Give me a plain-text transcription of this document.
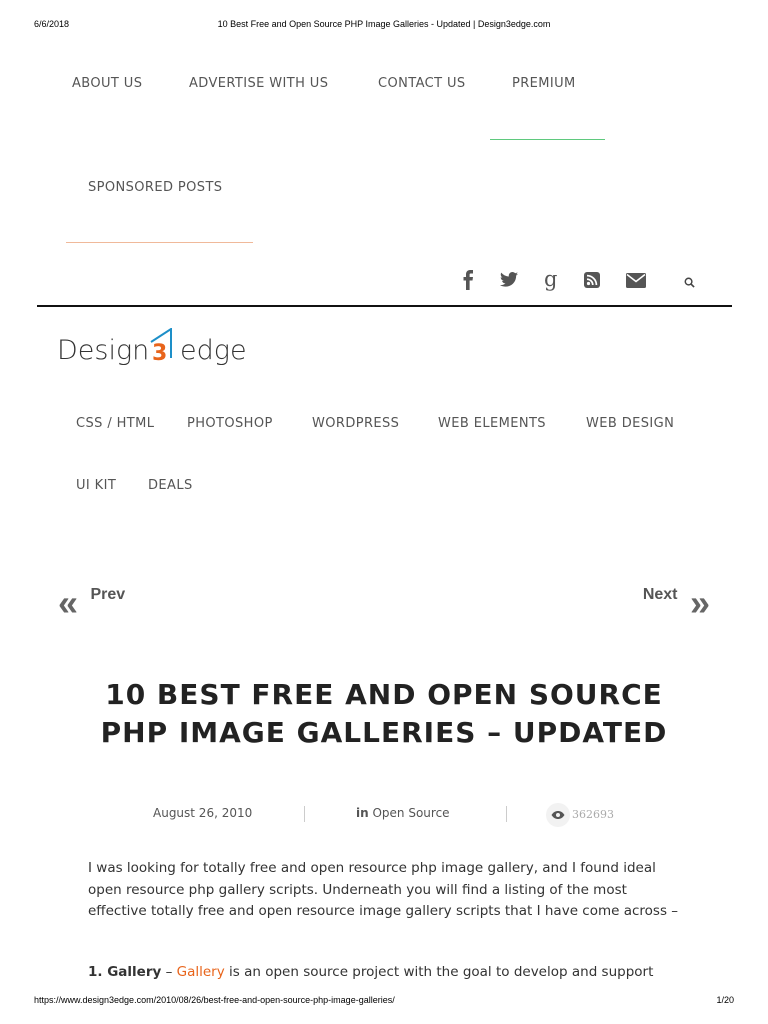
6/6/2018	10 Best Free and Open Source PHP Image Galleries - Updated | Design3edge.com
https://www.design3edge.com/2010/08/26/best-free-and-open-source-php-image-galleries/	1/20
ABOUT US	ADVERTISE WITH US	CONTACT US	PREMIUM
SPONSORED POSTS
g
Design 3 edge
CSS / HTML	PHOTOSHOP	WORDPRESS	WEB ELEMENTS	WEB DESIGN
UI KIT DEALS
« Prev	Next »
10 BEST FREE AND OPEN SOURCE
PHP IMAGE GALLERIES – UPDATED
August 26, 2010	in Open Source	362693

I was looking for totally free and open resource php image gallery, and I found ideal open resource php gallery scripts. Underneath you will find a listing of the most effective totally free and open resource image gallery scripts that I have come across –

1. Gallery – Gallery is an open source project with the goal to develop and support
